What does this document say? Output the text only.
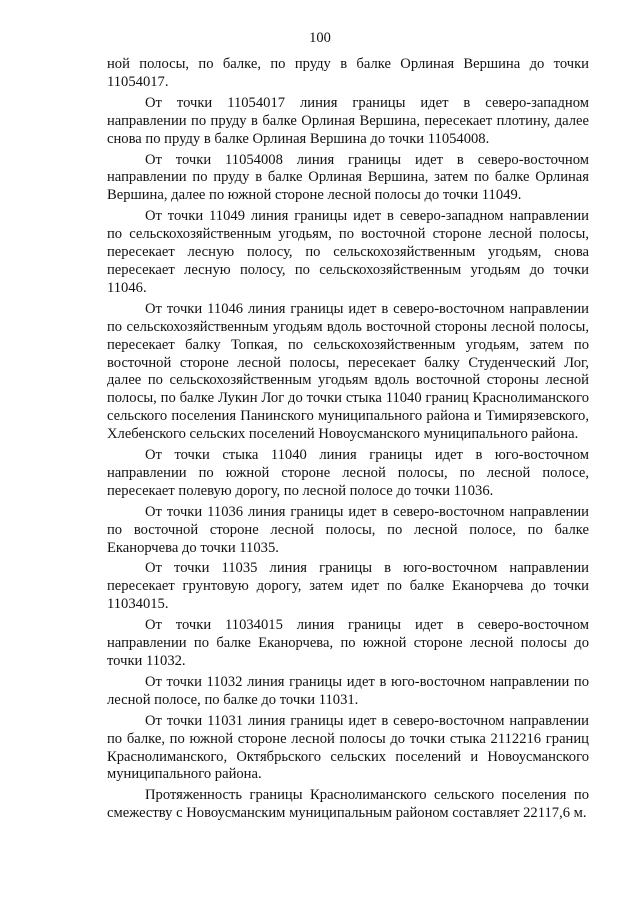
100

ной полосы, по балке, по пруду в балке Орлиная Вершина до точки 11054017.

От точки 11054017 линия границы идет в северо-западном направлении по пруду в балке Орлиная Вершина, пересекает плотину, далее снова по пруду в балке Орлиная Вершина до точки 11054008.

От точки 11054008 линия границы идет в северо-восточном направлении по пруду в балке Орлиная Вершина, затем по балке Орлиная Вершина, далее по южной стороне лесной полосы до точки 11049.

От точки 11049 линия границы идет в северо-западном направлении по сельскохозяйственным угодьям, по восточной стороне лесной полосы, пересекает лесную полосу, по сельскохозяйственным угодьям, снова пересекает лесную полосу, по сельскохозяйственным угодьям до точки 11046.

От точки 11046 линия границы идет в северо-восточном направлении по сельскохозяйственным угодьям вдоль восточной стороны лесной полосы, пересекает балку Топкая, по сельскохозяйственным угодьям, затем по восточной стороне лесной полосы, пересекает балку Студенческий Лог, далее по сельскохозяйственным угодьям вдоль восточной стороны лесной полосы, по балке Лукин Лог до точки стыка 11040 границ Краснолиманского сельского поселения Панинского муниципального района и Тимирязевского, Хлебенского сельских поселений Новоусманского муниципального района.

От точки стыка 11040 линия границы идет в юго-восточном направлении по южной стороне лесной полосы, по лесной полосе, пересекает полевую дорогу, по лесной полосе до точки 11036.

От точки 11036 линия границы идет в северо-восточном направлении по восточной стороне лесной полосы, по лесной полосе, по балке Еканорчева до точки 11035.

От точки 11035 линия границы в юго-восточном направлении пересекает грунтовую дорогу, затем идет по балке Еканорчева до точки 11034015.

От точки 11034015 линия границы идет в северо-восточном направлении по балке Еканорчева, по южной стороне лесной полосы до точки 11032.

От точки 11032 линия границы идет в юго-восточном направлении по лесной полосе, по балке до точки 11031.

От точки 11031 линия границы идет в северо-восточном направлении по балке, по южной стороне лесной полосы до точки стыка 2112216 границ Краснолиманского, Октябрьского сельских поселений и Новоусманского муниципального района.

Протяженность границы Краснолиманского сельского поселения по смежеству с Новоусманским муниципальным районом составляет 22117,6 м.
